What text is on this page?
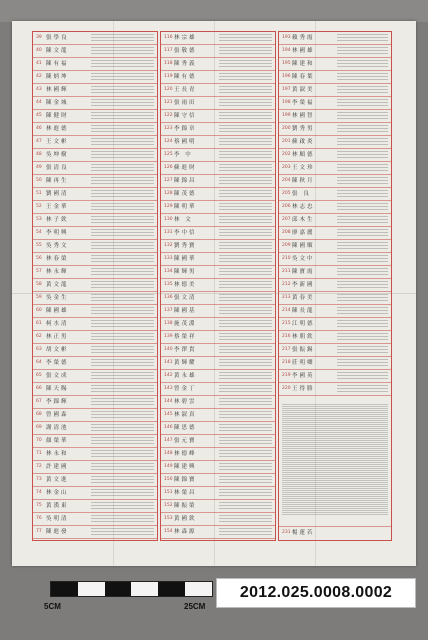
39 張學良
40 陳文龍
41 陳有福
42 陳炳坤
43 林國輝
44 陳金城
45 陳健財
46 林進德
47 王文彬
48 吳坤樹
49 張清良
50 陳再生
51 劉國清
52 王金華
53 林子欽
54 李明興
55 吳秀文
56 林春榮
57 林永輝
58 黃文龍
59 吳金生
60 陳國雄
61 柯水清
62 林正男
63 胡文彬
64 李榮德
65 張文成
66 陳天賜
67 李錦輝
68 曾國森
69 謝清池
70 顏榮華
71 林永和
72 許建國
73 黃文進
74 林金山
75 黃漢東
76 吳明清
77 陳進發
116 林宗雄
117 張敬德
118 陳秀義
119 陳有德
120 王長青
121 張雨田
122 陳守信
123 李錦章
124 蔡國明
125 李 中
126 蘇進財
127 陳錦昌
128 陳茂德
129 陳明華
130 林 文
131 李中信
132 劉秀寶
133 陳國華
134 陳輝男
135 林德美
136 張文清
137 陳國基
138 施茂淵
139 蔡榮祥
140 李澤貴
141 黃輝耀
142 黃永雄
143 曾金丁
144 林碧雲
145 林淑真
146 陳思德
147 張元寶
148 林德峰
149 陳建興
150 陳錦寶
151 林榮昌
152 陳振榮
153 黃國欽
154 林森源	231 楊蓮若
193 賴秀霞
194 林國雄
195 陳建和
196 陳春葉
197 黃淑美
198 李榮福
199 林國智
200 劉秀男
201 蘇啟炎
202 林順德
203 王文珍
204 陳秋月
205 張 良
206 林志忠
207 邱木生
208 廖嘉麗
209 陳國順
210 吳文中
211 陳寶霞
212 李新國
213 黃春美
214 陳長龍
215 江明德
216 林朝欽
217 張振錫
218 莊明卿
219 李國英
220 王得勝
·	·
5CM	25CM
2012.025.0008.0002
